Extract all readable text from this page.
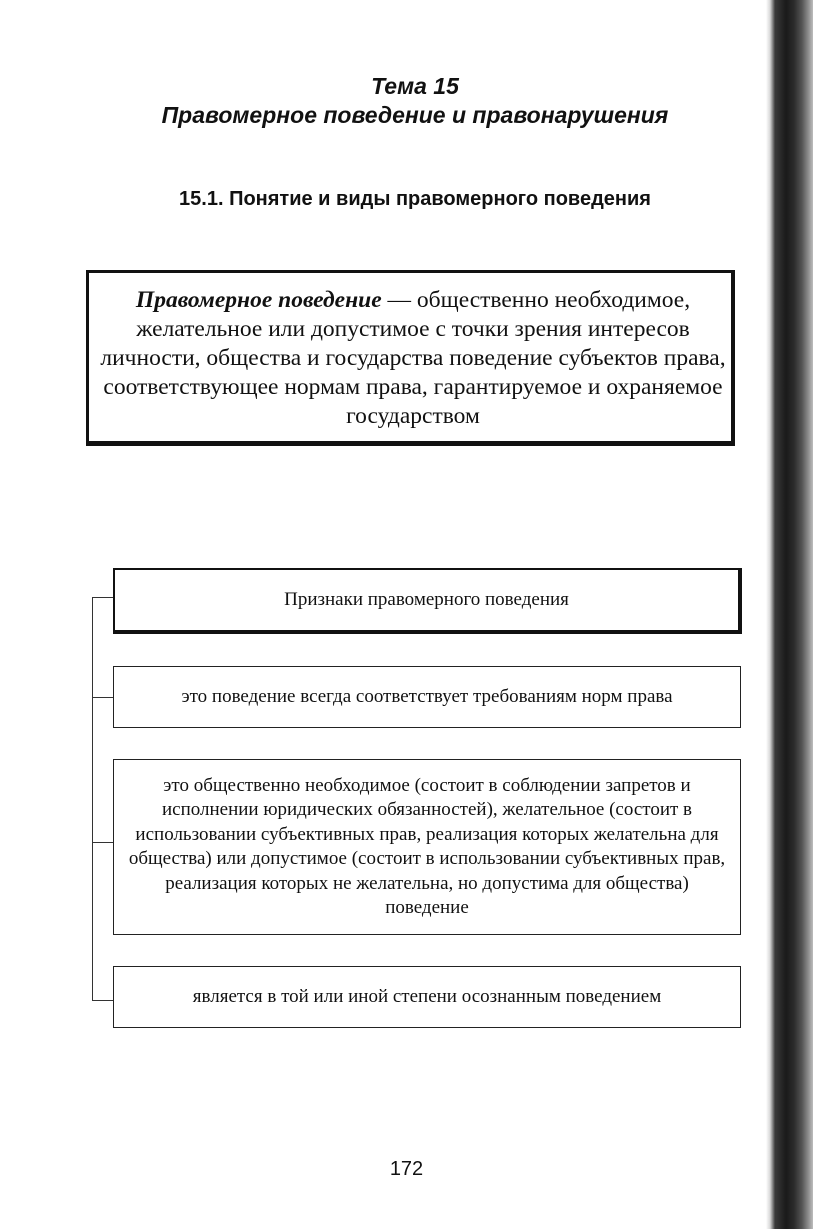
Тема 15
Правомерное поведение и правонарушения
15.1. Понятие и виды правомерного поведения
Правомерное поведение — общественно необходимое, желательное или допустимое с точки зрения интересов личности, общества и государства поведение субъектов права, соответствующее нормам права, гарантируемое и охраняемое государством
Признаки правомерного поведения
это поведение всегда соответствует требованиям норм права
это общественно необходимое (состоит в соблюдении запретов и исполнении юридических обязанностей), желательное (состоит в использовании субъективных прав, реализация которых желательна для общества) или допустимое (состоит в использовании субъективных прав, реализация которых не желательна, но допустима для общества) поведение
является в той или иной степени осознанным поведением
172
